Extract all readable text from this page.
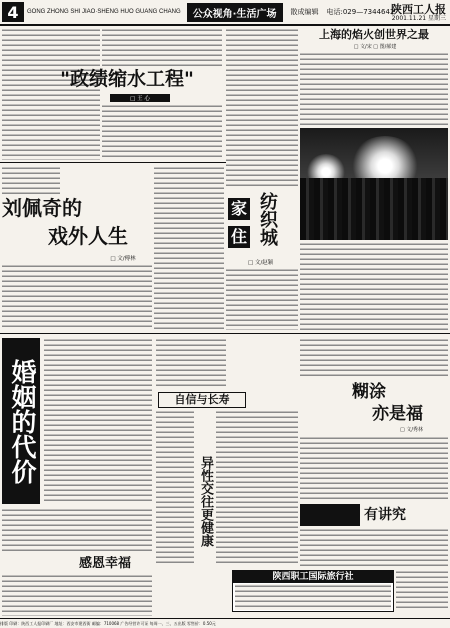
4	GONG ZHONG SHI JIAO·SHENG HUO GUANG CHANG	公众视角·生活广场	散成编辑 电话:029—7344642
陕西工人报
2001.11.21 星期三
"政绩缩水工程"
□ 王 心
刘佩奇的
戏外人生
□ 文/傅林
家
住 纺织城
□ 文/赵颖
上海的焰火创世界之最
□ 文/宋 □ 图/郝建
婚姻的代价
感恩幸福
自信与长寿
异性交往更健康
糊涂
亦是福
□ 文/秀林
有讲究
陕西职工国际旅行社
排版 印刷：陕西工人报印刷厂 地址：西安市建西街 邮编：710068 广告经营许可证 每周一、三、五出版 零售价：0.50元
